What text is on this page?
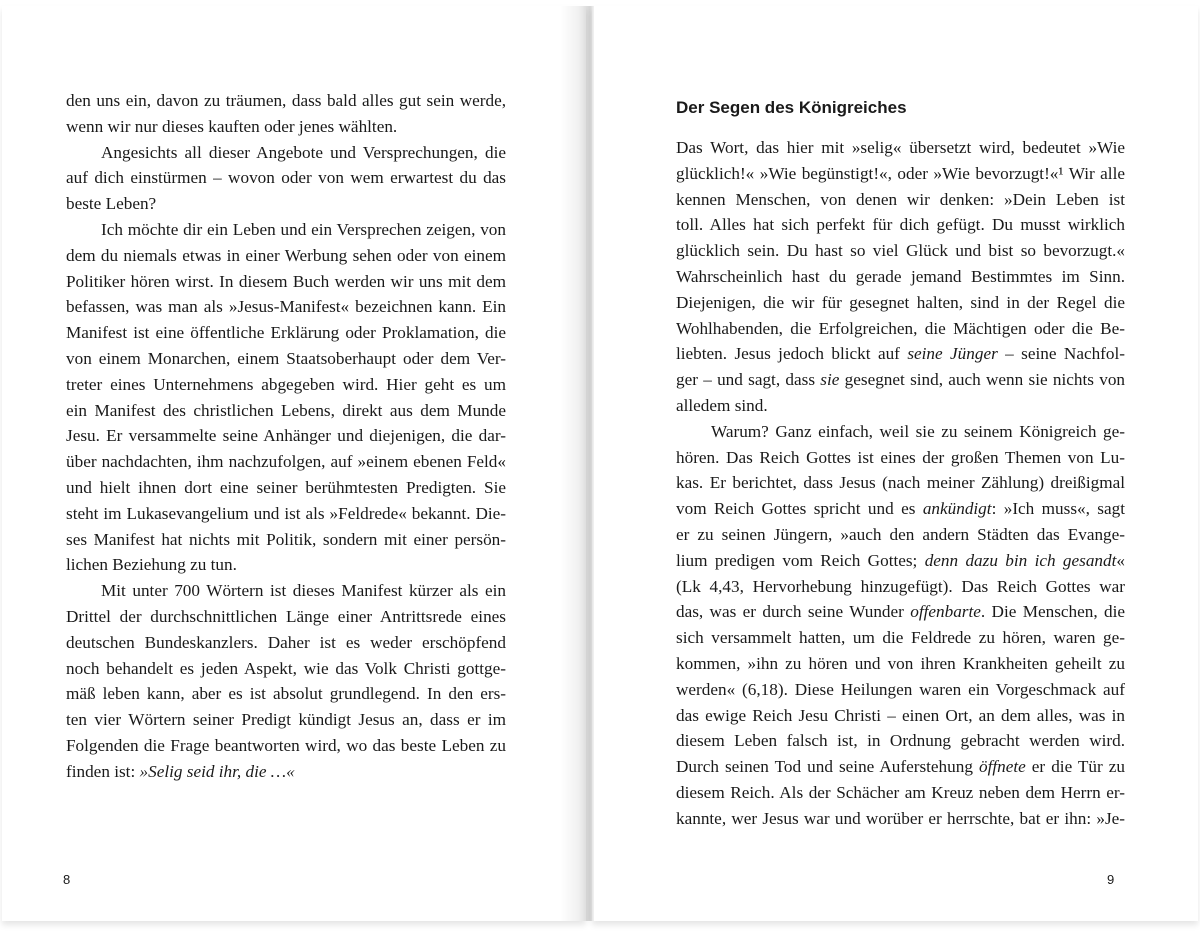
den uns ein, davon zu träumen, dass bald alles gut sein werde,
wenn wir nur dieses kauften oder jenes wählten.
Angesichts all dieser Angebote und Versprechungen, die
auf dich einstürmen – wovon oder von wem erwartest du das
beste Leben?
Ich möchte dir ein Leben und ein Versprechen zeigen, von
dem du niemals etwas in einer Werbung sehen oder von einem
Politiker hören wirst. In diesem Buch werden wir uns mit dem
befassen, was man als »Jesus-Manifest« bezeichnen kann. Ein
Manifest ist eine öffentliche Erklärung oder Proklamation, die
von einem Monarchen, einem Staatsoberhaupt oder dem Ver-
treter eines Unternehmens abgegeben wird. Hier geht es um
ein Manifest des christlichen Lebens, direkt aus dem Munde
Jesu. Er versammelte seine Anhänger und diejenigen, die dar-
über nachdachten, ihm nachzufolgen, auf »einem ebenen Feld«
und hielt ihnen dort eine seiner berühmtesten Predigten. Sie
steht im Lukasevangelium und ist als »Feldrede« bekannt. Die-
ses Manifest hat nichts mit Politik, sondern mit einer persön-
lichen Beziehung zu tun.
Mit unter 700 Wörtern ist dieses Manifest kürzer als ein
Drittel der durchschnittlichen Länge einer Antrittsrede eines
deutschen Bundeskanzlers. Daher ist es weder erschöpfend
noch behandelt es jeden Aspekt, wie das Volk Christi gottge-
mäß leben kann, aber es ist absolut grundlegend. In den ers-
ten vier Wörtern seiner Predigt kündigt Jesus an, dass er im
Folgenden die Frage beantworten wird, wo das beste Leben zu
finden ist: »Selig seid ihr, die …«
8
Der Segen des Königreiches
Das Wort, das hier mit »selig« übersetzt wird, bedeutet »Wie
glücklich!« »Wie begünstigt!«, oder »Wie bevorzugt!«¹ Wir alle
kennen Menschen, von denen wir denken: »Dein Leben ist
toll. Alles hat sich perfekt für dich gefügt. Du musst wirklich
glücklich sein. Du hast so viel Glück und bist so bevorzugt.«
Wahrscheinlich hast du gerade jemand Bestimmtes im Sinn.
Diejenigen, die wir für gesegnet halten, sind in der Regel die
Wohlhabenden, die Erfolgreichen, die Mächtigen oder die Be-
liebten. Jesus jedoch blickt auf seine Jünger – seine Nachfol-
ger – und sagt, dass sie gesegnet sind, auch wenn sie nichts von
alledem sind.
Warum? Ganz einfach, weil sie zu seinem Königreich ge-
hören. Das Reich Gottes ist eines der großen Themen von Lu-
kas. Er berichtet, dass Jesus (nach meiner Zählung) dreißigmal
vom Reich Gottes spricht und es ankündigt: »Ich muss«, sagt
er zu seinen Jüngern, »auch den andern Städten das Evange-
lium predigen vom Reich Gottes; denn dazu bin ich gesandt«
(Lk 4,43, Hervorhebung hinzugefügt). Das Reich Gottes war
das, was er durch seine Wunder offenbarte. Die Menschen, die
sich versammelt hatten, um die Feldrede zu hören, waren ge-
kommen, »ihn zu hören und von ihren Krankheiten geheilt zu
werden« (6,18). Diese Heilungen waren ein Vorgeschmack auf
das ewige Reich Jesu Christi – einen Ort, an dem alles, was in
diesem Leben falsch ist, in Ordnung gebracht werden wird.
Durch seinen Tod und seine Auferstehung öffnete er die Tür zu
diesem Reich. Als der Schächer am Kreuz neben dem Herrn er-
kannte, wer Jesus war und worüber er herrschte, bat er ihn: »Je-
9
